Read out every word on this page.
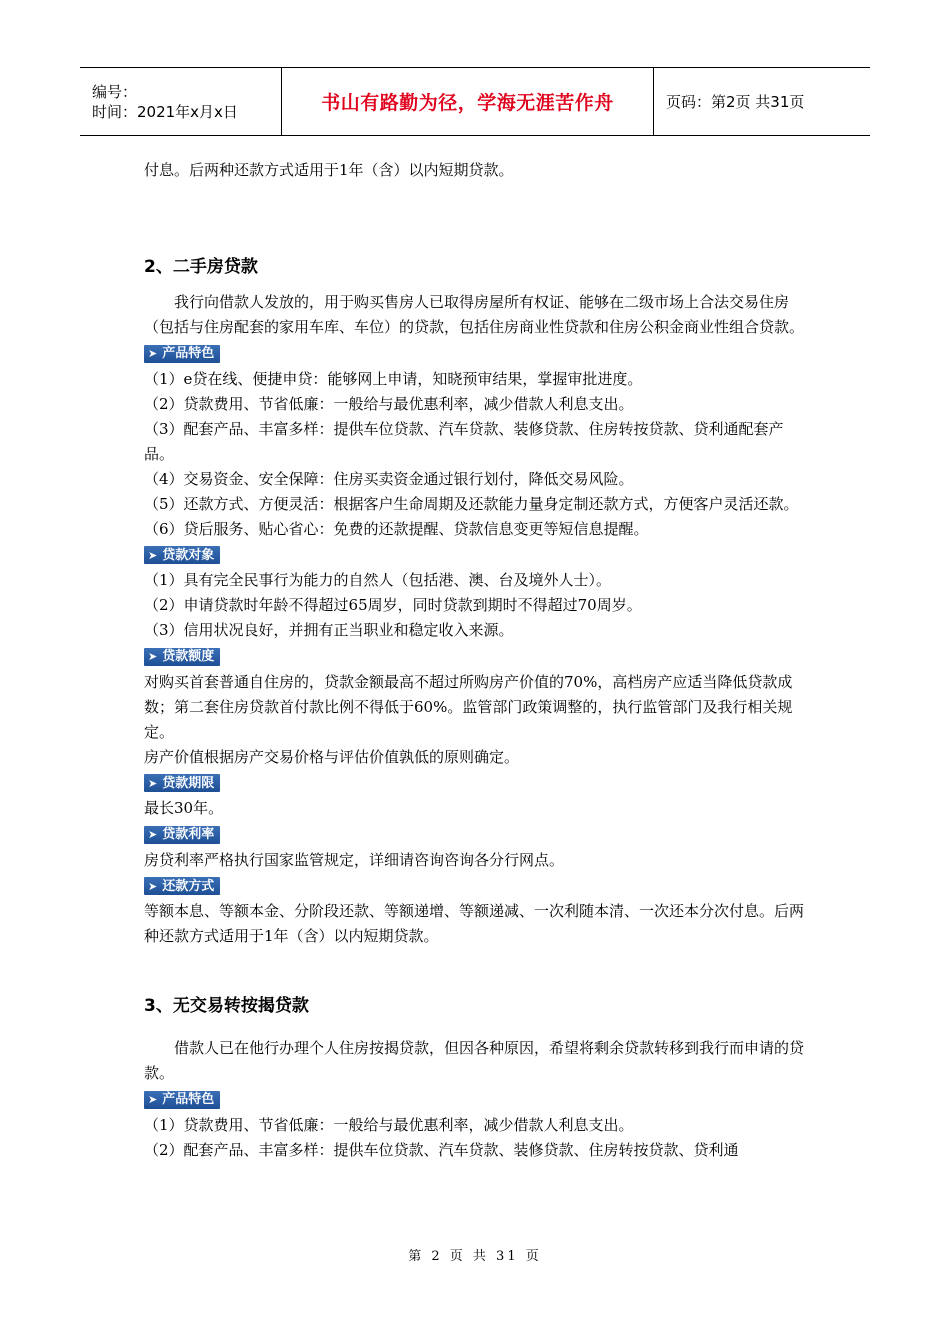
编号：
时间：2021年x月x日	书山有路勤为径，学海无涯苦作舟	页码：第2页 共31页

付息。后两种还款方式适用于1年（含）以内短期贷款。

2、二手房贷款

我行向借款人发放的，用于购买售房人已取得房屋所有权证、能够在二级市场上合法交易住房（包括与住房配套的家用车库、车位）的贷款，包括住房商业性贷款和住房公积金商业性组合贷款。

➤ 产品特色

（1）e贷在线、便捷申贷：能够网上申请，知晓预审结果，掌握审批进度。

（2）贷款费用、节省低廉：一般给与最优惠利率，减少借款人利息支出。

（3）配套产品、丰富多样：提供车位贷款、汽车贷款、装修贷款、住房转按贷款、贷利通配套产品。

（4）交易资金、安全保障：住房买卖资金通过银行划付，降低交易风险。

（5）还款方式、方便灵活：根据客户生命周期及还款能力量身定制还款方式，方便客户灵活还款。

（6）贷后服务、贴心省心：免费的还款提醒、贷款信息变更等短信息提醒。

➤ 贷款对象

（1）具有完全民事行为能力的自然人（包括港、澳、台及境外人士）。

（2）申请贷款时年龄不得超过65周岁，同时贷款到期时不得超过70周岁。

（3）信用状况良好，并拥有正当职业和稳定收入来源。

➤ 贷款额度

对购买首套普通自住房的，贷款金额最高不超过所购房产价值的70%，高档房产应适当降低贷款成数；第二套住房贷款首付款比例不得低于60%。监管部门政策调整的，执行监管部门及我行相关规定。

房产价值根据房产交易价格与评估价值孰低的原则确定。

➤ 贷款期限

最长30年。

➤ 贷款利率

房贷利率严格执行国家监管规定，详细请咨询咨询各分行网点。

➤ 还款方式

等额本息、等额本金、分阶段还款、等额递增、等额递减、一次利随本清、一次还本分次付息。后两种还款方式适用于1年（含）以内短期贷款。

3、无交易转按揭贷款

借款人已在他行办理个人住房按揭贷款，但因各种原因，希望将剩余贷款转移到我行而申请的贷款。

➤ 产品特色

（1）贷款费用、节省低廉：一般给与最优惠利率，减少借款人利息支出。

（2）配套产品、丰富多样：提供车位贷款、汽车贷款、装修贷款、住房转按贷款、贷利通

第 2 页 共 31 页
